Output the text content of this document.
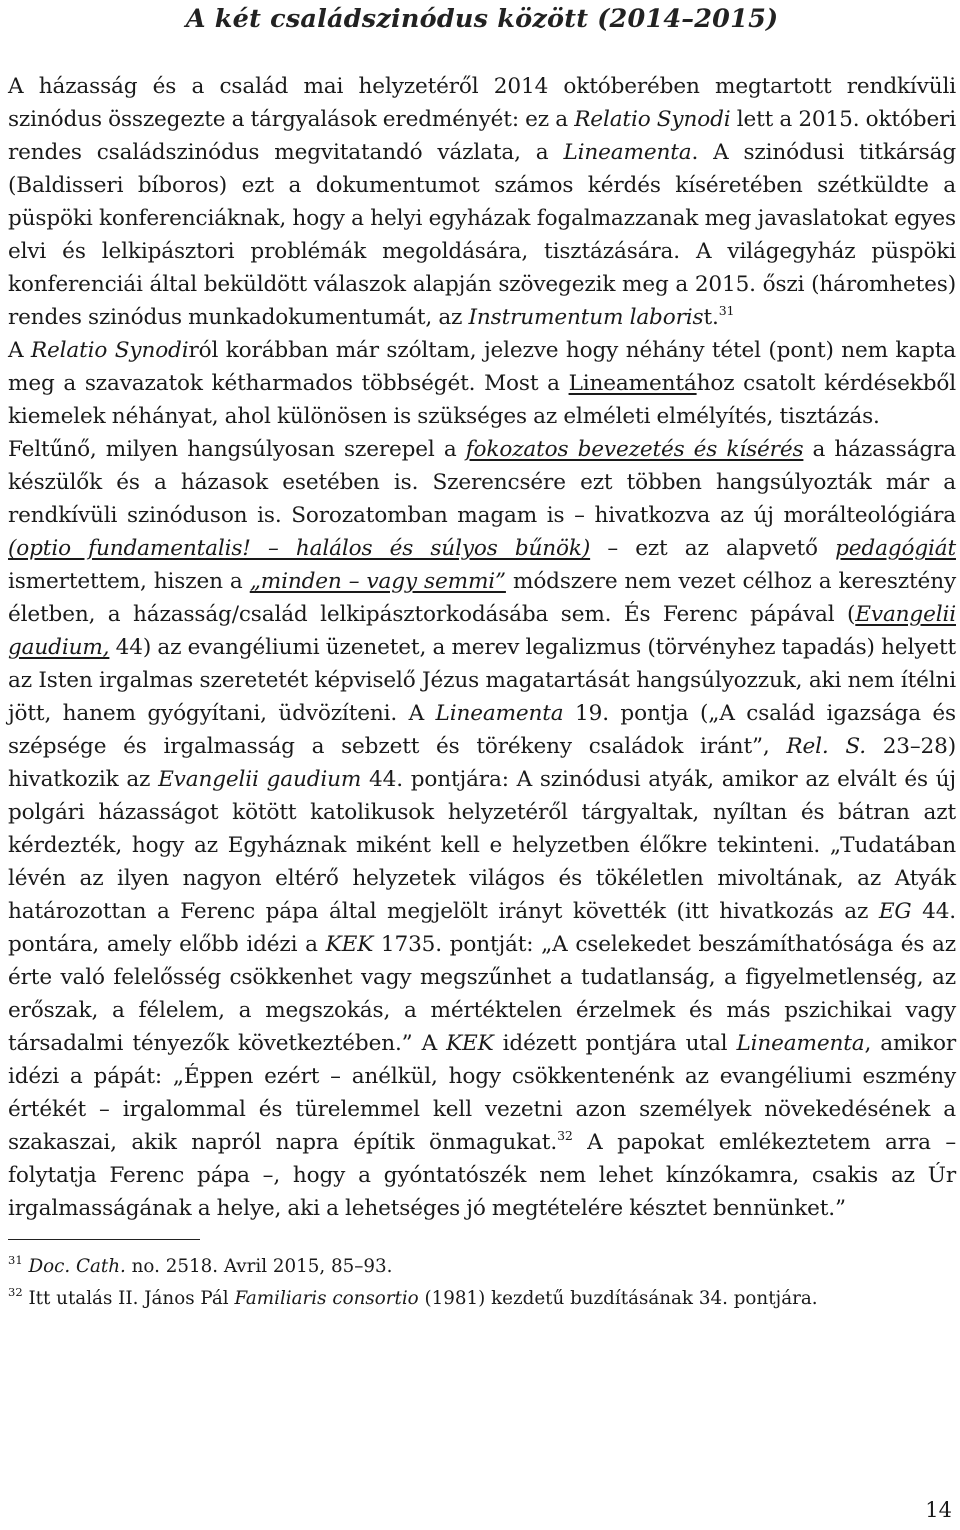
A két családszinódus között (2014–2015)

A házasság és a család mai helyzetéről 2014 októberében megtartott rendkívüli szinódus összegezte a tárgyalások eredményét: ez a Relatio Synodi lett a 2015. októberi rendes családszinódus megvitatandó vázlata, a Lineamenta. A szinódusi titkárság (Baldisseri bíboros) ezt a dokumentumot számos kérdés kíséretében szétküldte a püspöki konferenciáknak, hogy a helyi egyházak fogalmazzanak meg javaslatokat egyes elvi és lelkipásztori problémák megoldására, tisztázására. A világegyház püspöki konferenciái által beküldött válaszok alapján szövegezik meg a 2015. őszi (háromhetes) rendes szinódus munkadokumentumát, az Instrumentum laborist.$^{31}$

A Relatio Synodiról korábban már szóltam, jelezve hogy néhány tétel (pont) nem kapta meg a szavazatok kétharmados többségét. Most a Lineamentához csatolt kérdésekből kiemelek néhányat, ahol különösen is szükséges az elméleti elmélyítés, tisztázás.

Feltűnő, milyen hangsúlyosan szerepel a fokozatos bevezetés és kísérés a házasságra készülők és a házasok esetében is. Szerencsére ezt többen hangsúlyozták már a rendkívüli szinóduson is. Sorozatomban magam is – hivatkozva az új morálteológiára (optio fundamentalis! – halálos és súlyos bűnök) – ezt az alapvető pedagógiát ismertettem, hiszen a „minden – vagy semmi” módszere nem vezet célhoz a keresztény életben, a házasság/család lelkipásztorkodásába sem. És Ferenc pápával (Evangelii gaudium, 44) az evangéliumi üzenetet, a merev legalizmus (törvényhez tapadás) helyett az Isten irgalmas szeretetét képviselő Jézus magatartását hangsúlyozzuk, aki nem ítélni jött, hanem gyógyítani, üdvözíteni. A Lineamenta 19. pontja („A család igazsága és szépsége és irgalmasság a sebzett és törékeny családok iránt”, Rel. S. 23–28) hivatkozik az Evangelii gaudium 44. pontjára: A szinódusi atyák, amikor az elvált és új polgári házasságot kötött katolikusok helyzetéről tárgyaltak, nyíltan és bátran azt kérdezték, hogy az Egyháznak miként kell e helyzetben élőkre tekinteni. „Tudatában lévén az ilyen nagyon eltérő helyzetek világos és tökéletlen mivoltának, az Atyák határozottan a Ferenc pápa által megjelölt irányt követték (itt hivatkozás az EG 44. pontára, amely előbb idézi a KEK 1735. pontját: „A cselekedet beszámíthatósága és az érte való felelősség csökkenhet vagy megszűnhet a tudatlanság, a figyelmetlenség, az erőszak, a félelem, a megszokás, a mértéktelen érzelmek és más pszichikai vagy társadalmi tényezők következtében.” A KEK idézett pontjára utal Lineamenta, amikor idézi a pápát: „Éppen ezért – anélkül, hogy csökkentenénk az evangéliumi eszmény értékét – irgalommal és türelemmel kell vezetni azon személyek növekedésének a szakaszai, akik napról napra építik önmagukat.$^{32}$ A papokat emlékeztetem arra – folytatja Ferenc pápa –, hogy a gyóntatószék nem lehet kínzókamra, csakis az Úr irgalmasságának a helye, aki a lehetséges jó megtételére késztet bennünket.”

$^{31}$ Doc. Cath. no. 2518. Avril 2015, 85–93.

$^{32}$ Itt utalás II. János Pál Familiaris consortio (1981) kezdetű buzdításának 34. pontjára.

14
